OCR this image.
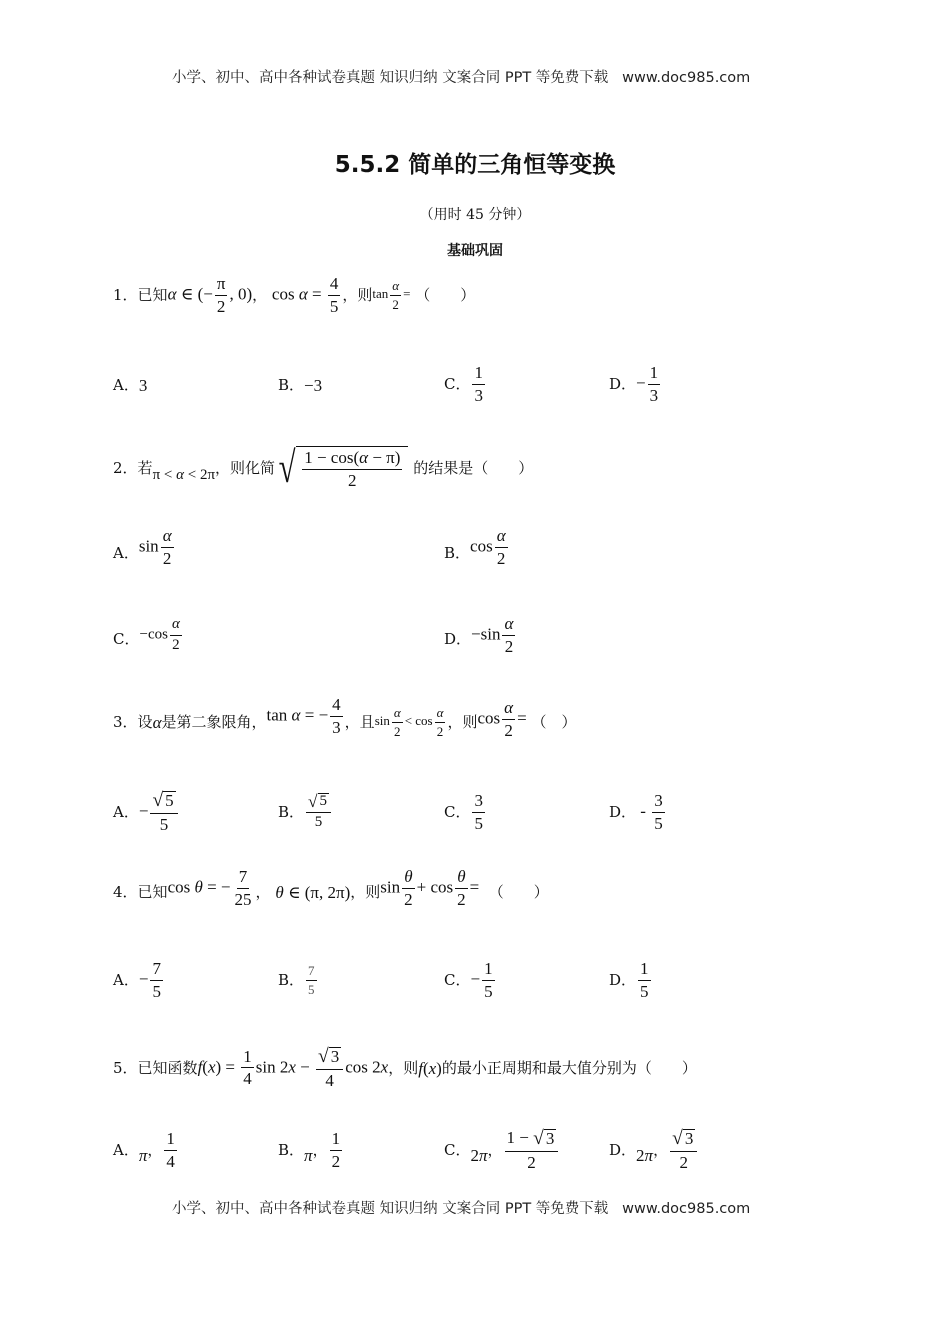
小学、初中、高中各种试卷真题 知识归纳 文案合同 PPT 等免费下载 www.doc985.com
5.5.2 简单的三角恒等变换
（用时 45 分钟）
基础巩固
1． 已知 α ∈ (− $\frac{\pi}{2}$ , 0) ，
$\cos \alpha = \frac{4}{5}$ ，则 $\tan \frac{\alpha}{2}$ =
（　　）
A． 3	B． −3	C． $\frac{1}{3}$	D． − $\frac{1}{3}$
2． 若 π < α < 2π ，则化简 √ $\frac{1 - \cos(\alpha - \pi)}{2}$
的结果是（　　）
A． $\sin \frac{\alpha}{2}$	B． $\cos \frac{\alpha}{2}$
C． $-\cos \frac{\alpha}{2}$	D． $-\sin \frac{\alpha}{2}$
3． 设 α 是第二象限角， tan α = − $\frac{4}{3}$ ，且 $\sin \frac{\alpha}{2} < \cos \frac{\alpha}{2}$ ，则 $\cos \frac{\alpha}{2}$ =
（　）
A． − $\frac{√ 5}{5}$	B． $\frac{√ 5}{5}$	C． $\frac{3}{5}$	D． - $\frac{3}{5}$
4． 已知 cos θ = − $\frac{7}{25}$ ，
θ ∈ (π, 2π) ，则 $\sin \frac{\theta}{2} + \cos \frac{\theta}{2}$ =
（　　）
A． − $\frac{7}{5}$	B． $\frac{7}{5}$	C． − $\frac{1}{5}$	D． $\frac{1}{5}$
5． 已知函数 $f(x) = \frac{1}{4}$ $\sin 2x - \frac{√ 3}{4}$ cos 2x ，则 f(x) 的最小正周期和最大值分别为（　　）
A． π ， $\frac{1}{4}$	B． π ， $\frac{1}{2}$	C． 2π ， $\frac{1 - √ 3}{2}$	D． 2π ， $\frac{√ 3}{2}$
小学、初中、高中各种试卷真题 知识归纳 文案合同 PPT 等免费下载 www.doc985.com
